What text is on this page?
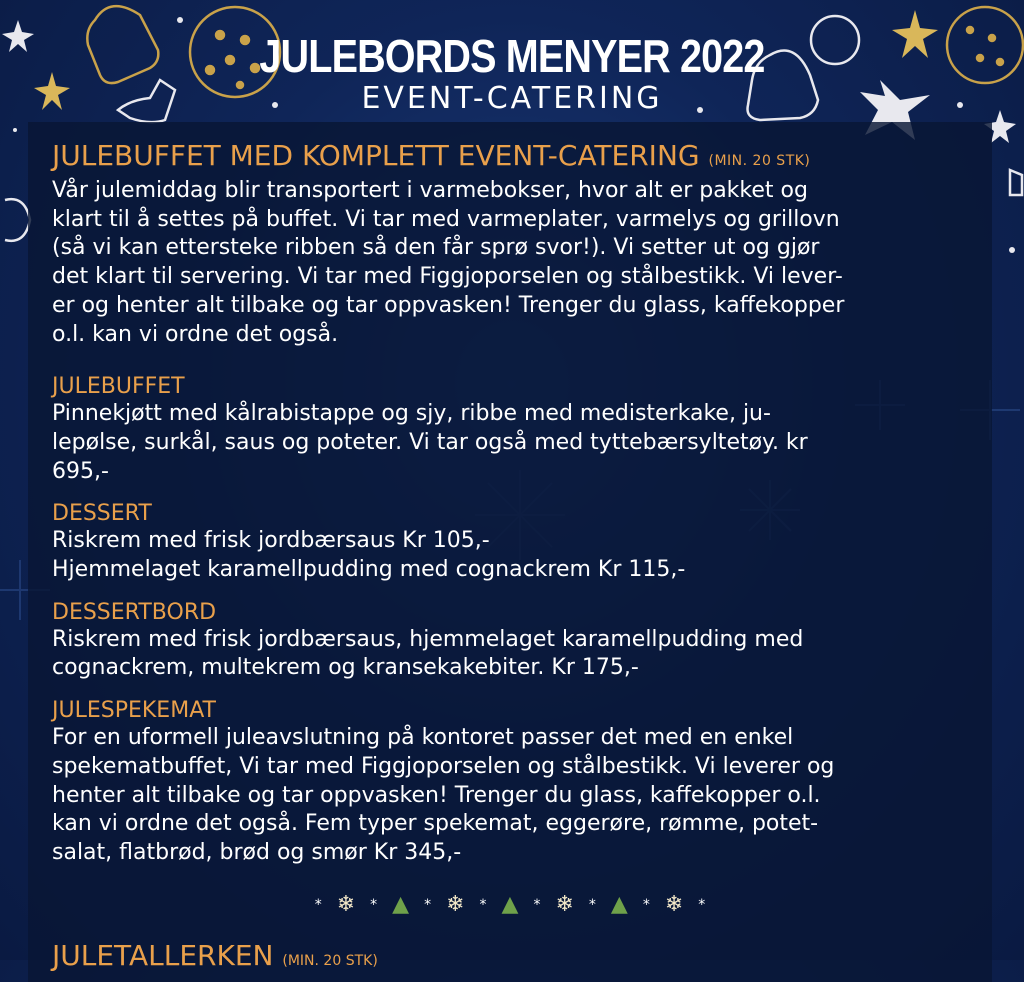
JULEBORDS MENYER 2022
EVENT-CATERING
JULEBUFFET MED KOMPLETT EVENT-CATERING (MIN. 20 STK)
Vår julemiddag blir transportert i varmebokser, hvor alt er pakket og
klart til å settes på buffet. Vi tar med varmeplater, varmelys og grillovn
(så vi kan ettersteke ribben så den får sprø svor!). Vi setter ut og gjør
det klart til servering. Vi tar med Figgjoporselen og stålbestikk. Vi lever-
er og henter alt tilbake og tar oppvasken! Trenger du glass, kaffekopper
o.l. kan vi ordne det også.
JULEBUFFET
Pinnekjøtt med kålrabistappe og sjy, ribbe med medisterkake, ju-
lepølse, surkål, saus og poteter. Vi tar også med tyttebærsyltetøy. kr
695,-
DESSERT
Riskrem med frisk jordbærsaus Kr 105,-
Hjemmelaget karamellpudding med cognackrem Kr 115,-
DESSERTBORD
Riskrem med frisk jordbærsaus, hjemmelaget karamellpudding med
cognackrem, multekrem og kransekakebiter. Kr 175,-
JULESPEKEMAT
For en uformell juleavslutning på kontoret passer det med en enkel
spekematbuffet, Vi tar med Figgjoporselen og stålbestikk. Vi leverer og
henter alt tilbake og tar oppvasken! Trenger du glass, kaffekopper o.l.
kan vi ordne det også. Fem typer spekemat, eggerøre, rømme, potet-
salat, flatbrød, brød og smør Kr 345,-
* ❄ * ▲ * ❄ * ▲ * ❄ * ▲ * ❄ *
JULETALLERKEN (MIN. 20 STK)
